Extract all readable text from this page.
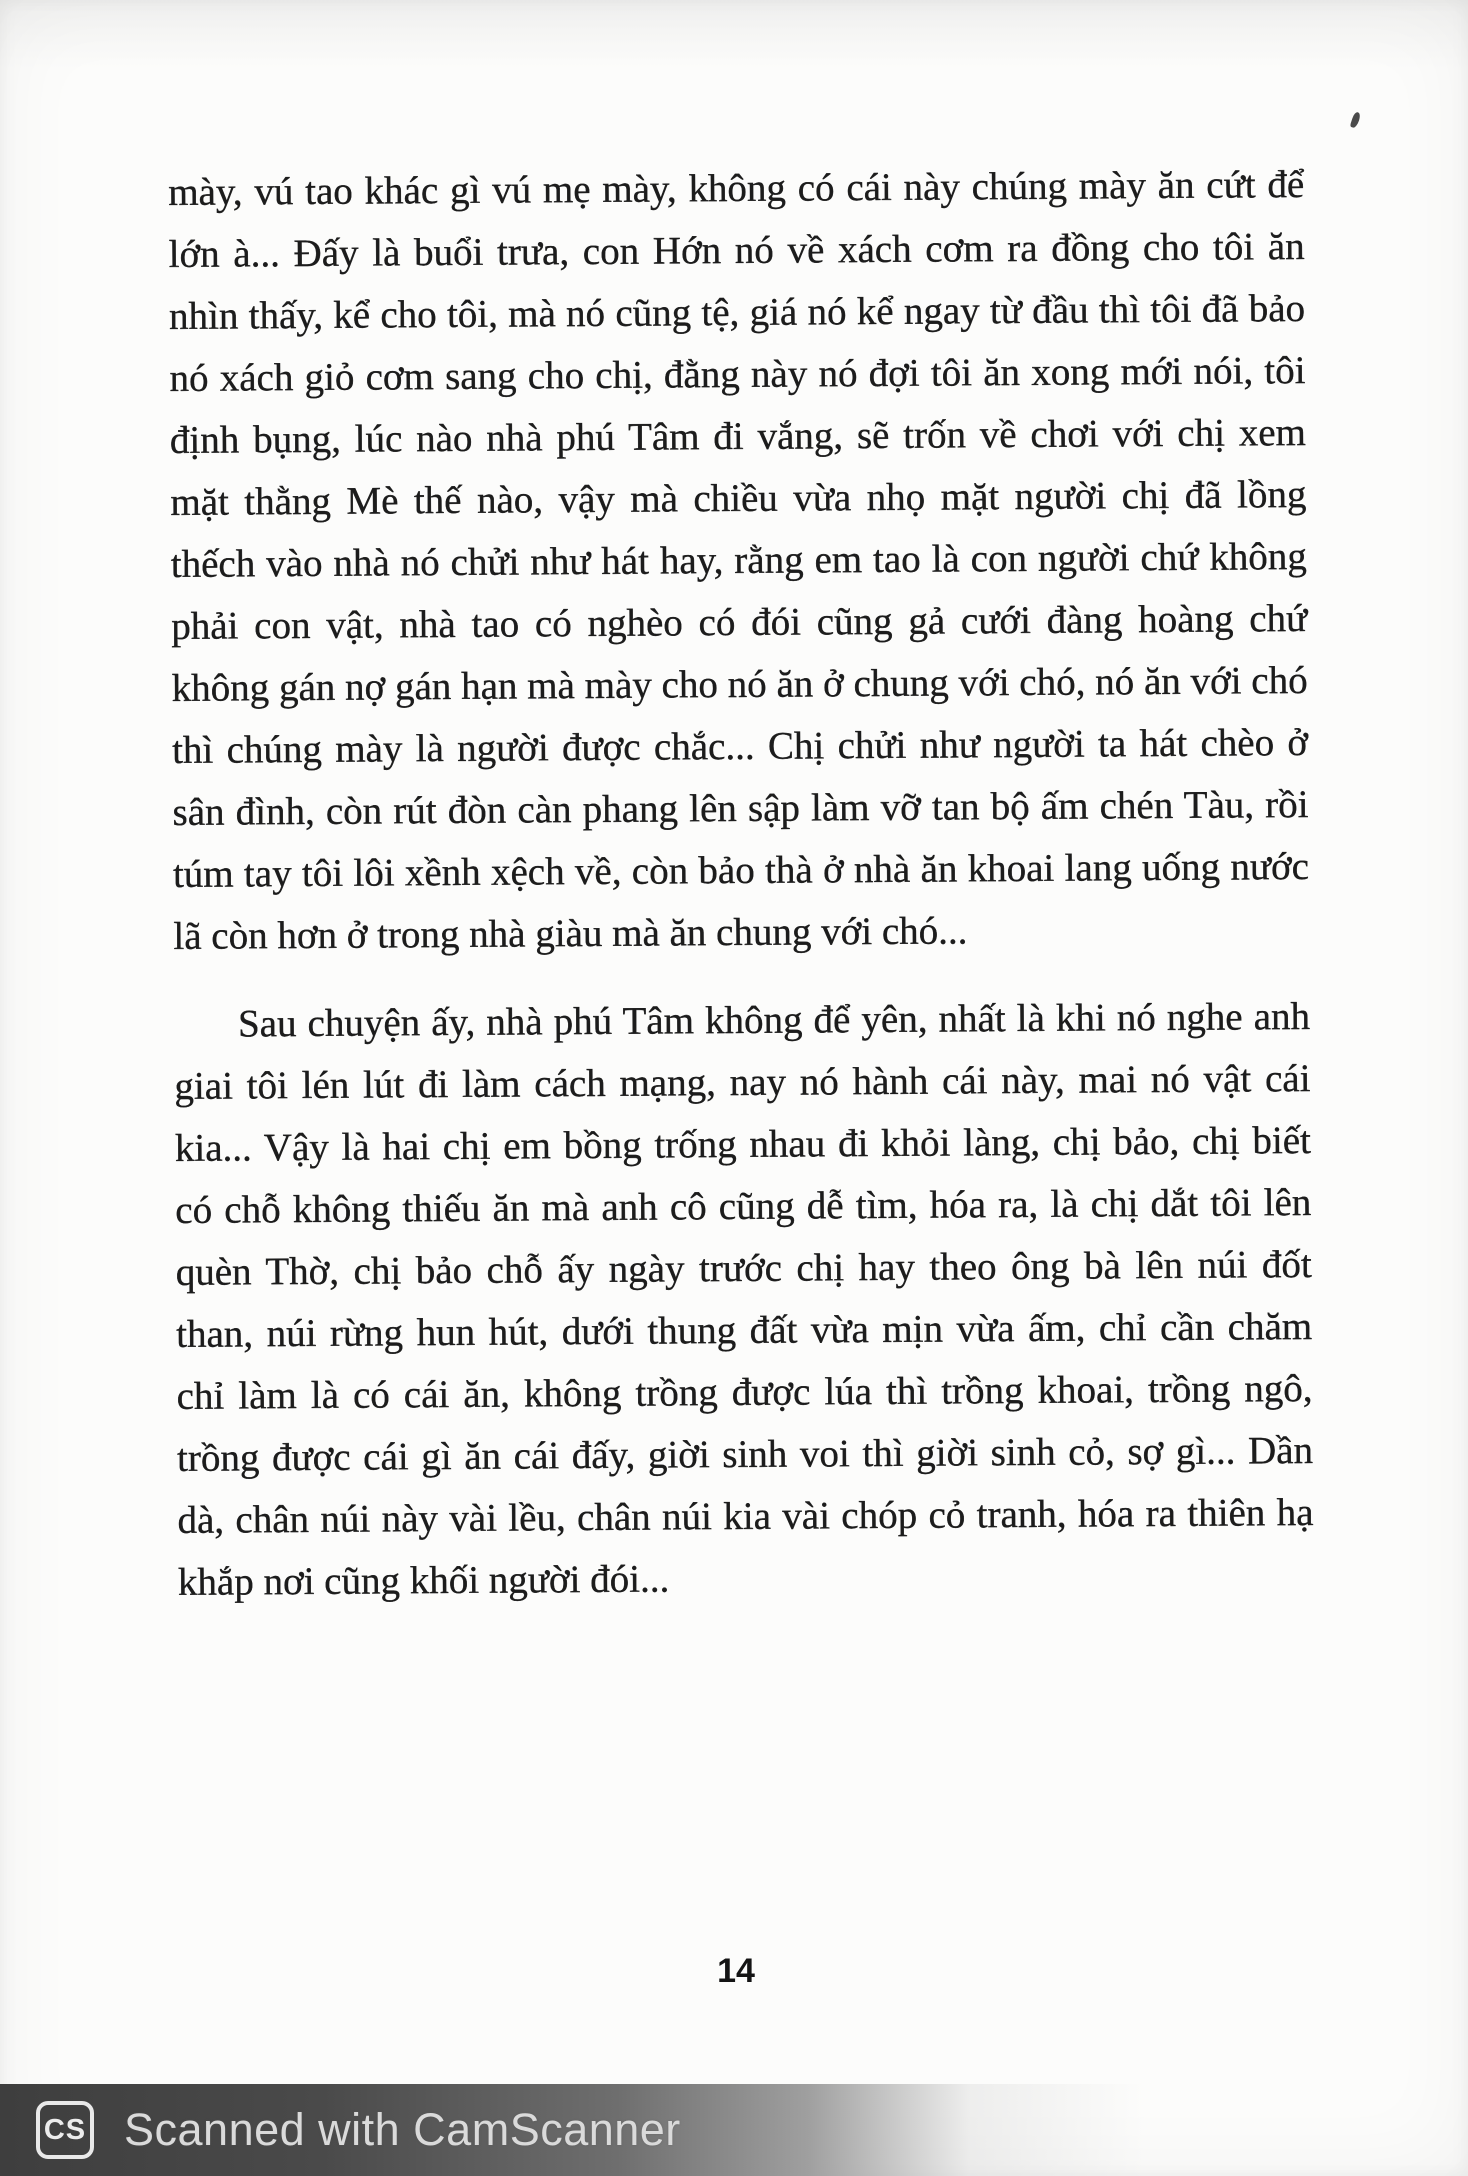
mày, vú tao khác gì vú mẹ mày, không có cái này chúng mày ăn cứt để lớn à... Đấy là buổi trưa, con Hớn nó về xách cơm ra đồng cho tôi ăn nhìn thấy, kể cho tôi, mà nó cũng tệ, giá nó kể ngay từ đầu thì tôi đã bảo nó xách giỏ cơm sang cho chị, đằng này nó đợi tôi ăn xong mới nói, tôi định bụng, lúc nào nhà phú Tâm đi vắng, sẽ trốn về chơi với chị xem mặt thằng Mè thế nào, vậy mà chiều vừa nhọ mặt người chị đã lồng thếch vào nhà nó chửi như hát hay, rằng em tao là con người chứ không phải con vật, nhà tao có nghèo có đói cũng gả cưới đàng hoàng chứ không gán nợ gán hạn mà mày cho nó ăn ở chung với chó, nó ăn với chó thì chúng mày là người được chắc... Chị chửi như người ta hát chèo ở sân đình, còn rút đòn càn phang lên sập làm vỡ tan bộ ấm chén Tàu, rồi túm tay tôi lôi xềnh xệch về, còn bảo thà ở nhà ăn khoai lang uống nước lã còn hơn ở trong nhà giàu mà ăn chung với chó...

Sau chuyện ấy, nhà phú Tâm không để yên, nhất là khi nó nghe anh giai tôi lén lút đi làm cách mạng, nay nó hành cái này, mai nó vật cái kia... Vậy là hai chị em bồng trống nhau đi khỏi làng, chị bảo, chị biết có chỗ không thiếu ăn mà anh cô cũng dễ tìm, hóa ra, là chị dắt tôi lên quèn Thờ, chị bảo chỗ ấy ngày trước chị hay theo ông bà lên núi đốt than, núi rừng hun hút, dưới thung đất vừa mịn vừa ấm, chỉ cần chăm chỉ làm là có cái ăn, không trồng được lúa thì trồng khoai, trồng ngô, trồng được cái gì ăn cái đấy, giời sinh voi thì giời sinh cỏ, sợ gì... Dần dà, chân núi này vài lều, chân núi kia vài chóp cỏ tranh, hóa ra thiên hạ khắp nơi cũng khối người đói...

14
CS Scanned with CamScanner
